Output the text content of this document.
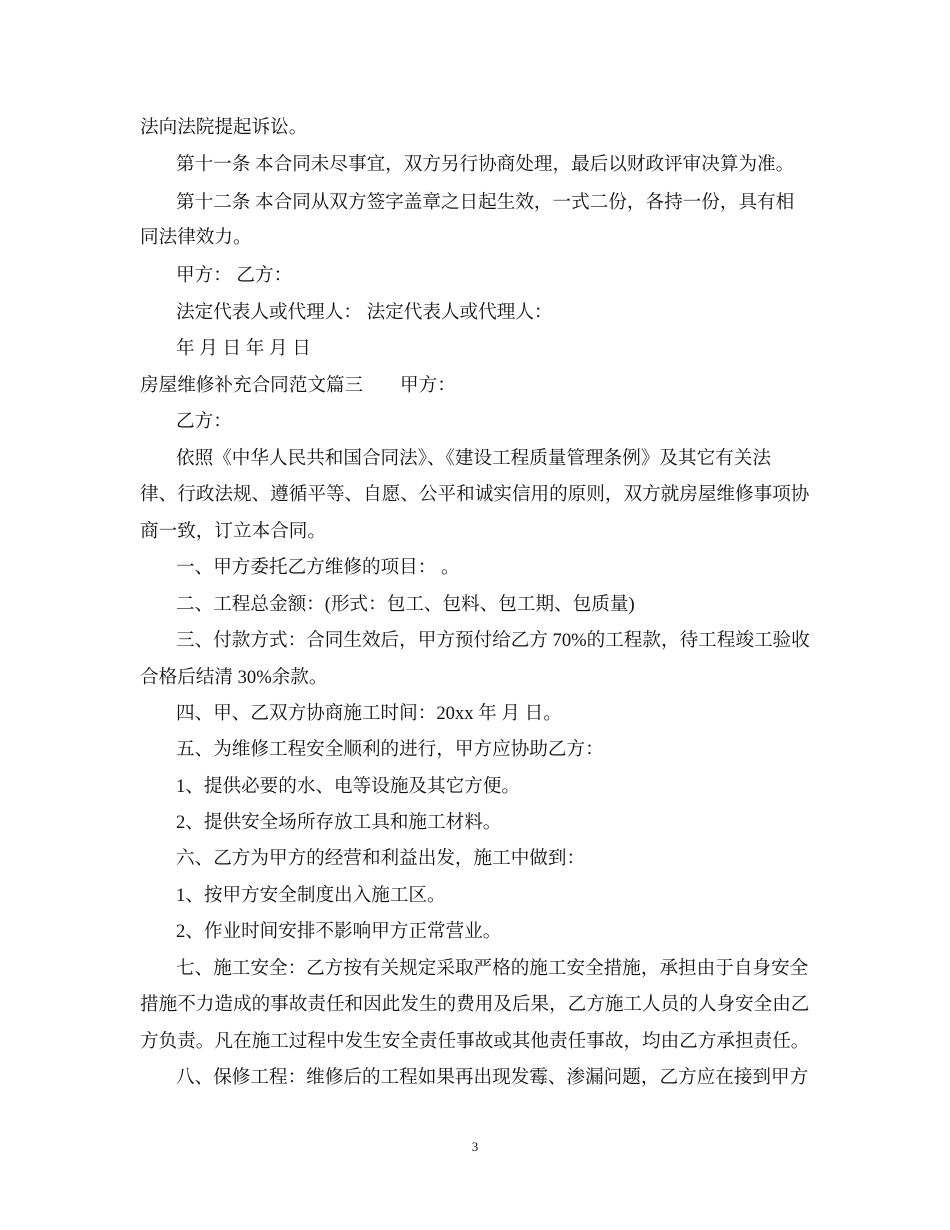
法向法院提起诉讼。

第十一条 本合同未尽事宜，双方另行协商处理，最后以财政评审决算为准。

第十二条 本合同从双方签字盖章之日起生效，一式二份，各持一份，具有相

同法律效力。

甲方： 乙方：

法定代表人或代理人： 法定代表人或代理人：

年 月 日 年 月 日

房屋维修补充合同范文篇三 甲方：

乙方：

依照《中华人民共和国合同法》、《建设工程质量管理条例》及其它有关法

律、行政法规、遵循平等、自愿、公平和诚实信用的原则，双方就房屋维修事项协

商一致，订立本合同。

一、甲方委托乙方维修的项目： 。

二、工程总金额：(形式：包工、包料、包工期、包质量)

三、付款方式：合同生效后，甲方预付给乙方 70%的工程款，待工程竣工验收

合格后结清 30%余款。

四、甲、乙双方协商施工时间：20xx 年 月 日。

五、为维修工程安全顺利的进行，甲方应协助乙方：

1、提供必要的水、电等设施及其它方便。

2、提供安全场所存放工具和施工材料。

六、乙方为甲方的经营和利益出发，施工中做到：

1、按甲方安全制度出入施工区。

2、作业时间安排不影响甲方正常营业。

七、施工安全：乙方按有关规定采取严格的施工安全措施，承担由于自身安全

措施不力造成的事故责任和因此发生的费用及后果，乙方施工人员的人身安全由乙

方负责。凡在施工过程中发生安全责任事故或其他责任事故，均由乙方承担责任。

八、保修工程：维修后的工程如果再出现发霉、渗漏问题，乙方应在接到甲方

3
